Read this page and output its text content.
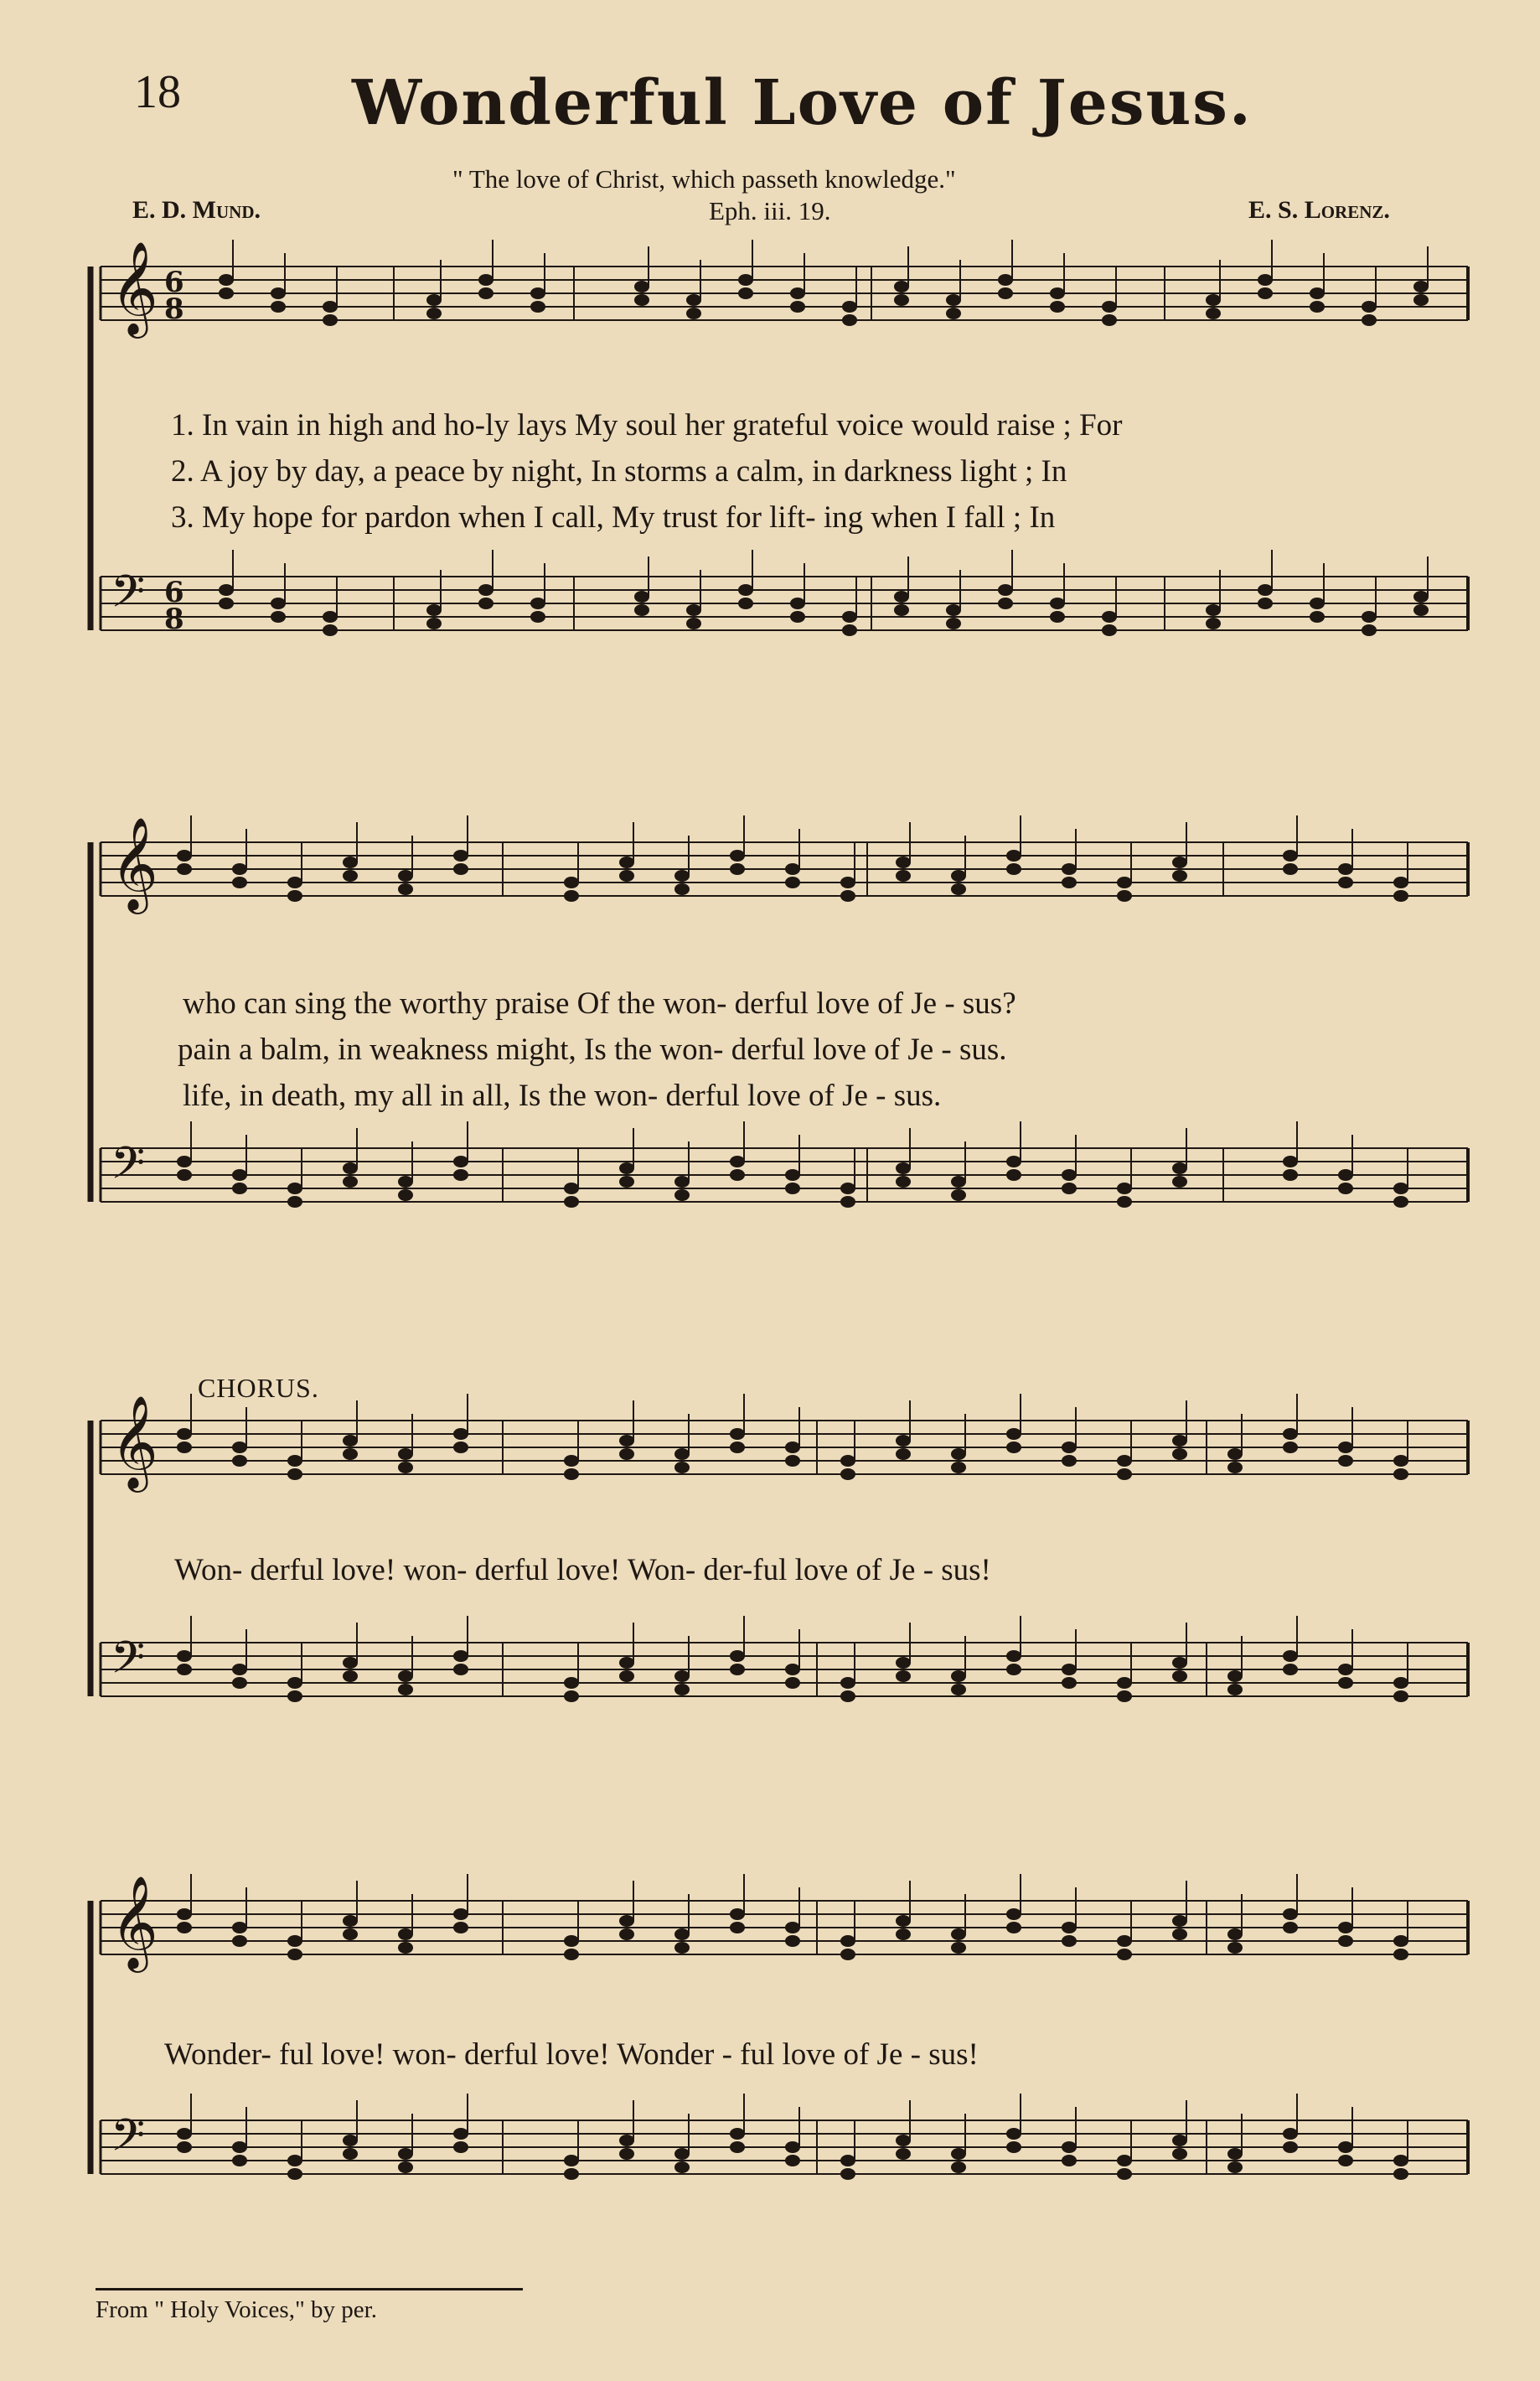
18	Wonderful Love of Jesus.
" The love of Christ, which passeth knowledge."
E. D. Mund.	Eph. iii. 19.	E. S. Lorenz.
𝄞
𝄢
𝄞
𝄢
𝄞
𝄢
𝄞
𝄢
6
8
6
8
1. In vain in high and ho-ly lays My soul her grateful voice would raise ; For
2. A joy by day, a peace by night, In storms a calm, in darkness light ; In
3. My hope for pardon when I call, My trust for lift- ing when I fall ; In
who can sing the worthy praise Of the won- derful love of Je - sus?
pain a balm, in weakness might, Is the won- derful love of Je - sus.
life, in death, my all in all, Is the won- derful love of Je - sus.
CHORUS.
Won- derful love! won- derful love! Won- der-ful love of Je - sus!
Wonder- ful love! won- derful love! Wonder - ful love of Je - sus!
From " Holy Voices," by per.
